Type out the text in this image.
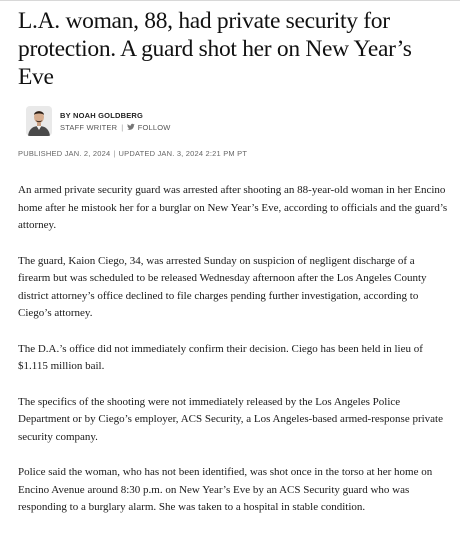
L.A. woman, 88, had private security for protection. A guard shot her on New Year’s Eve
BY NOAH GOLDBERG
STAFF WRITER | FOLLOW
PUBLISHED JAN. 2, 2024 | UPDATED JAN. 3, 2024 2:21 PM PT

An armed private security guard was arrested after shooting an 88-year-old woman in her Encino home after he mistook her for a burglar on New Year’s Eve, according to officials and the guard’s attorney.

The guard, Kaion Ciego, 34, was arrested Sunday on suspicion of negligent discharge of a firearm but was scheduled to be released Wednesday afternoon after the Los Angeles County district attorney’s office declined to file charges pending further investigation, according to Ciego’s attorney.

The D.A.’s office did not immediately confirm their decision. Ciego has been held in lieu of $1.115 million bail.

The specifics of the shooting were not immediately released by the Los Angeles Police Department or by Ciego’s employer, ACS Security, a Los Angeles-based armed-response private security company.

Police said the woman, who has not been identified, was shot once in the torso at her home on Encino Avenue around 8:30 p.m. on New Year’s Eve by an ACS Security guard who was responding to a burglary alarm. She was taken to a hospital in stable condition.
